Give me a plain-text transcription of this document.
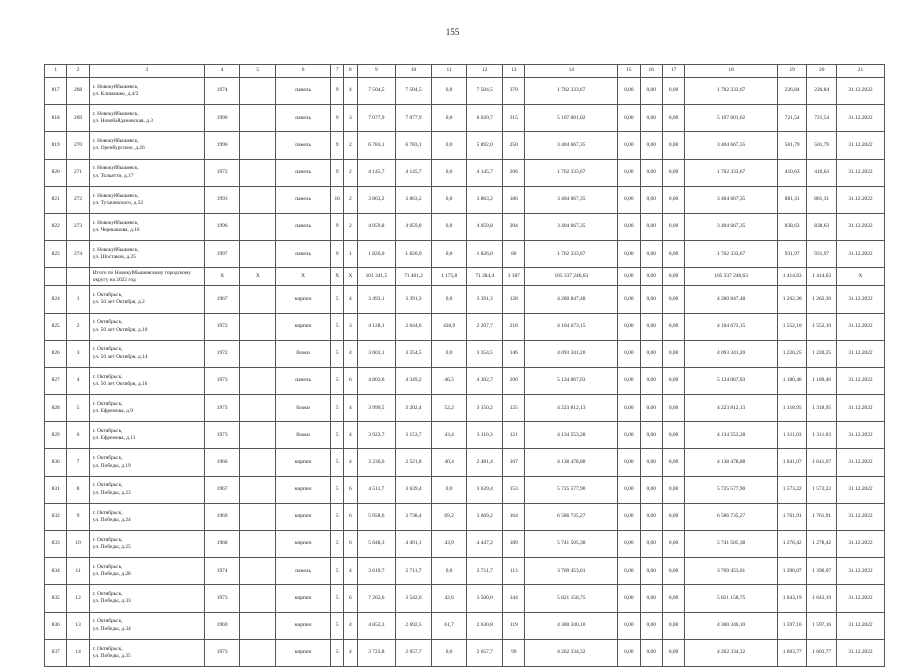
155
1	2	3	4	5	6	7	8	9	10	11	12	13	14	15	16	17	18	19	20	21
817	268	г. Новокуйбышевск,
ул. Климашко, д.4/2	1974		панель	9	4	7 504,5	7 504,5	0,0	7 504,5	370	1 702 333,67	0,00	0,00	0,00	1 702 333,67	226,84	226,84	31.12.2022
818	269	г. Новокуйбышевск,
ул. Новобайдановская, д.3	1990		панель	9	3	7 077,9	7 077,9	0,0	6 020,7	315	5 107 001,02	0,00	0,00	0,00	5 107 001,02	721,54	721,54	31.12.2022
819	270	г. Новокуйбышевск,
ул. Оренбургское, д.26	1996		панель	9	2	6 783,1	6 783,1	0,0	5 892,0	250	3 404 667,35	0,00	0,00	0,00	3 404 667,35	501,79	501,79	31.12.2022
820	271	г. Новокуйбышевск,
ул. Тольятти, д.17	1972		панель	9	2	4 145,7	4 145,7	0,0	4 145,7	206	1 702 333,67	0,00	0,00	0,00	1 702 333,67	410,63	410,63	31.12.2022
821	272	г. Новокуйбышевск,
ул. Тухачевского, д.32	1993		панель	10	2	3 863,2	3 863,2	0,0	3 863,2	186	3 404 667,35	0,00	0,00	0,00	3 404 667,35	881,31	881,31	31.12.2022
822	273	г. Новокуйбышевск,
ул. Чернышова, д.16	1996		панель	9	2	4 059,8	4 059,8	0,0	4 059,8	204	3 404 667,35	0,00	0,00	0,00	3 404 667,35	838,63	838,63	31.12.2022
823	274	г. Новокуйбышевск,
ул. Шостаков, д.25	1997		панель	9	1	1 826,0	1 826,0	0,0	1 826,0	80	1 702 333,67	0,00	0,00	0,00	1 702 333,67	931,97	931,97	31.12.2022
		Итого по Новокуйбышевскому городскому округу на 2022 год	X	X	X	X	X	101 341,5	71 461,2	1 175,8	71 284,4	3 187	105 337 246,63	0,00	0,00	0,00	105 337 246,63	1 414,63	1 414,63	X
824	1	г. Октябрьск,
ул. 50 лет Октября, д.2	1967		кирпич	5	4	3 493,1	3 391,3	0,0	3 391,3	128	4 280 847,48	0,00	0,00	0,00	4 280 847,48	1 262,30	1 262,30	31.12.2022
825	2	г. Октябрьск,
ул. 50 лет Октября, д.10	1972		кирпич	5	3	4 128,1	2 644,6	436,9	2 207,7	218	4 104 673,15	0,00	0,00	0,00	4 104 673,15	1 552,10	1 552,10	31.12.2022
826	3	г. Октябрьск,
ул. 50 лет Октября, д.14	1972		блоки	5	4	3 603,1	3 354,5	0,0	3 354,5	146	4 093 341,20	0,00	0,00	0,00	4 093 341,20	1 220,25	1 220,25	31.12.2022
827	4	г. Октябрьск,
ул. 50 лет Октября, д.16	1973		панель	5	6	4 802,6	4 349,2	46,5	4 302,7	200	5 134 067,03	0,00	0,00	0,00	5 134 067,03	1 180,46	1 180,46	31.12.2022
828	5	г. Октябрьск,
ул. Ефремова, д.9	1973		блоки	5	4	3 999,5	3 202,4	52,2	3 150,2	125	4 223 812,13	0,00	0,00	0,00	4 223 812,13	1 318,95	1 318,95	31.12.2022
829	6	г. Октябрьск,
ул. Ефремова, д.11	1973		блоки	5	4	3 922,7	3 153,7	43,4	3 110,3	121	4 134 553,28	0,00	0,00	0,00	4 134 553,28	1 311,03	1 311,03	31.12.2022
830	7	г. Октябрьск,
ул. Победы, д.19	1966		кирпич	5	4	3 236,6	2 521,8	40,4	2 481,4	107	4 138 478,88	0,00	0,00	0,00	4 138 478,88	1 641,07	1 641,07	31.12.2022
831	8	г. Октябрьск,
ул. Победы, д.23	1967		кирпич	5	6	4 511,7	3 639,4	0,0	3 639,4	153	5 725 577,90	0,00	0,00	0,00	5 725 577,90	1 573,22	1 573,22	31.12.2022
832	9	г. Октябрьск,
ул. Победы, д.24	1969		кирпич	5	6	5 058,6	3 738,4	69,2	3 669,2	164	6 586 735,27	0,00	0,00	0,00	6 586 735,27	1 761,91	1 761,91	31.12.2022
833	10	г. Октябрьск,
ул. Победы, д.25	1968		кирпич	5	6	5 648,3	4 491,1	43,9	4 447,2	189	5 741 505,38	0,00	0,00	0,00	5 741 505,38	1 278,42	1 278,42	31.12.2022
834	11	г. Октябрьск,
ул. Победы, д.28	1974		панель	5	4	3 610,7	2 711,7	0,0	2 711,7	113	3 769 453,01	0,00	0,00	0,00	3 769 453,01	1 390,07	1 390,07	31.12.2022
835	12	г. Октябрьск,
ул. Победы, д.33	1973		кирпич	5	6	7 262,6	3 542,6	42,6	3 500,0	144	5 821 158,75	0,00	0,00	0,00	5 821 158,75	1 643,19	1 643,19	31.12.2022
836	13	г. Октябрьск,
ул. Победы, д.34	1969		кирпич	5	4	4 852,3	2 692,5	61,7	2 630,8	119	4 300 340,10	0,00	0,00	0,00	4 300 340,10	1 597,16	1 597,16	31.12.2022
837	14	г. Октябрьск,
ул. Победы, д.35	1973		кирпич	5	4	3 723,8	2 657,7	0,0	2 657,7	99	4 262 334,32	0,00	0,00	0,00	4 262 334,32	1 603,77	1 603,77	31.12.2022
